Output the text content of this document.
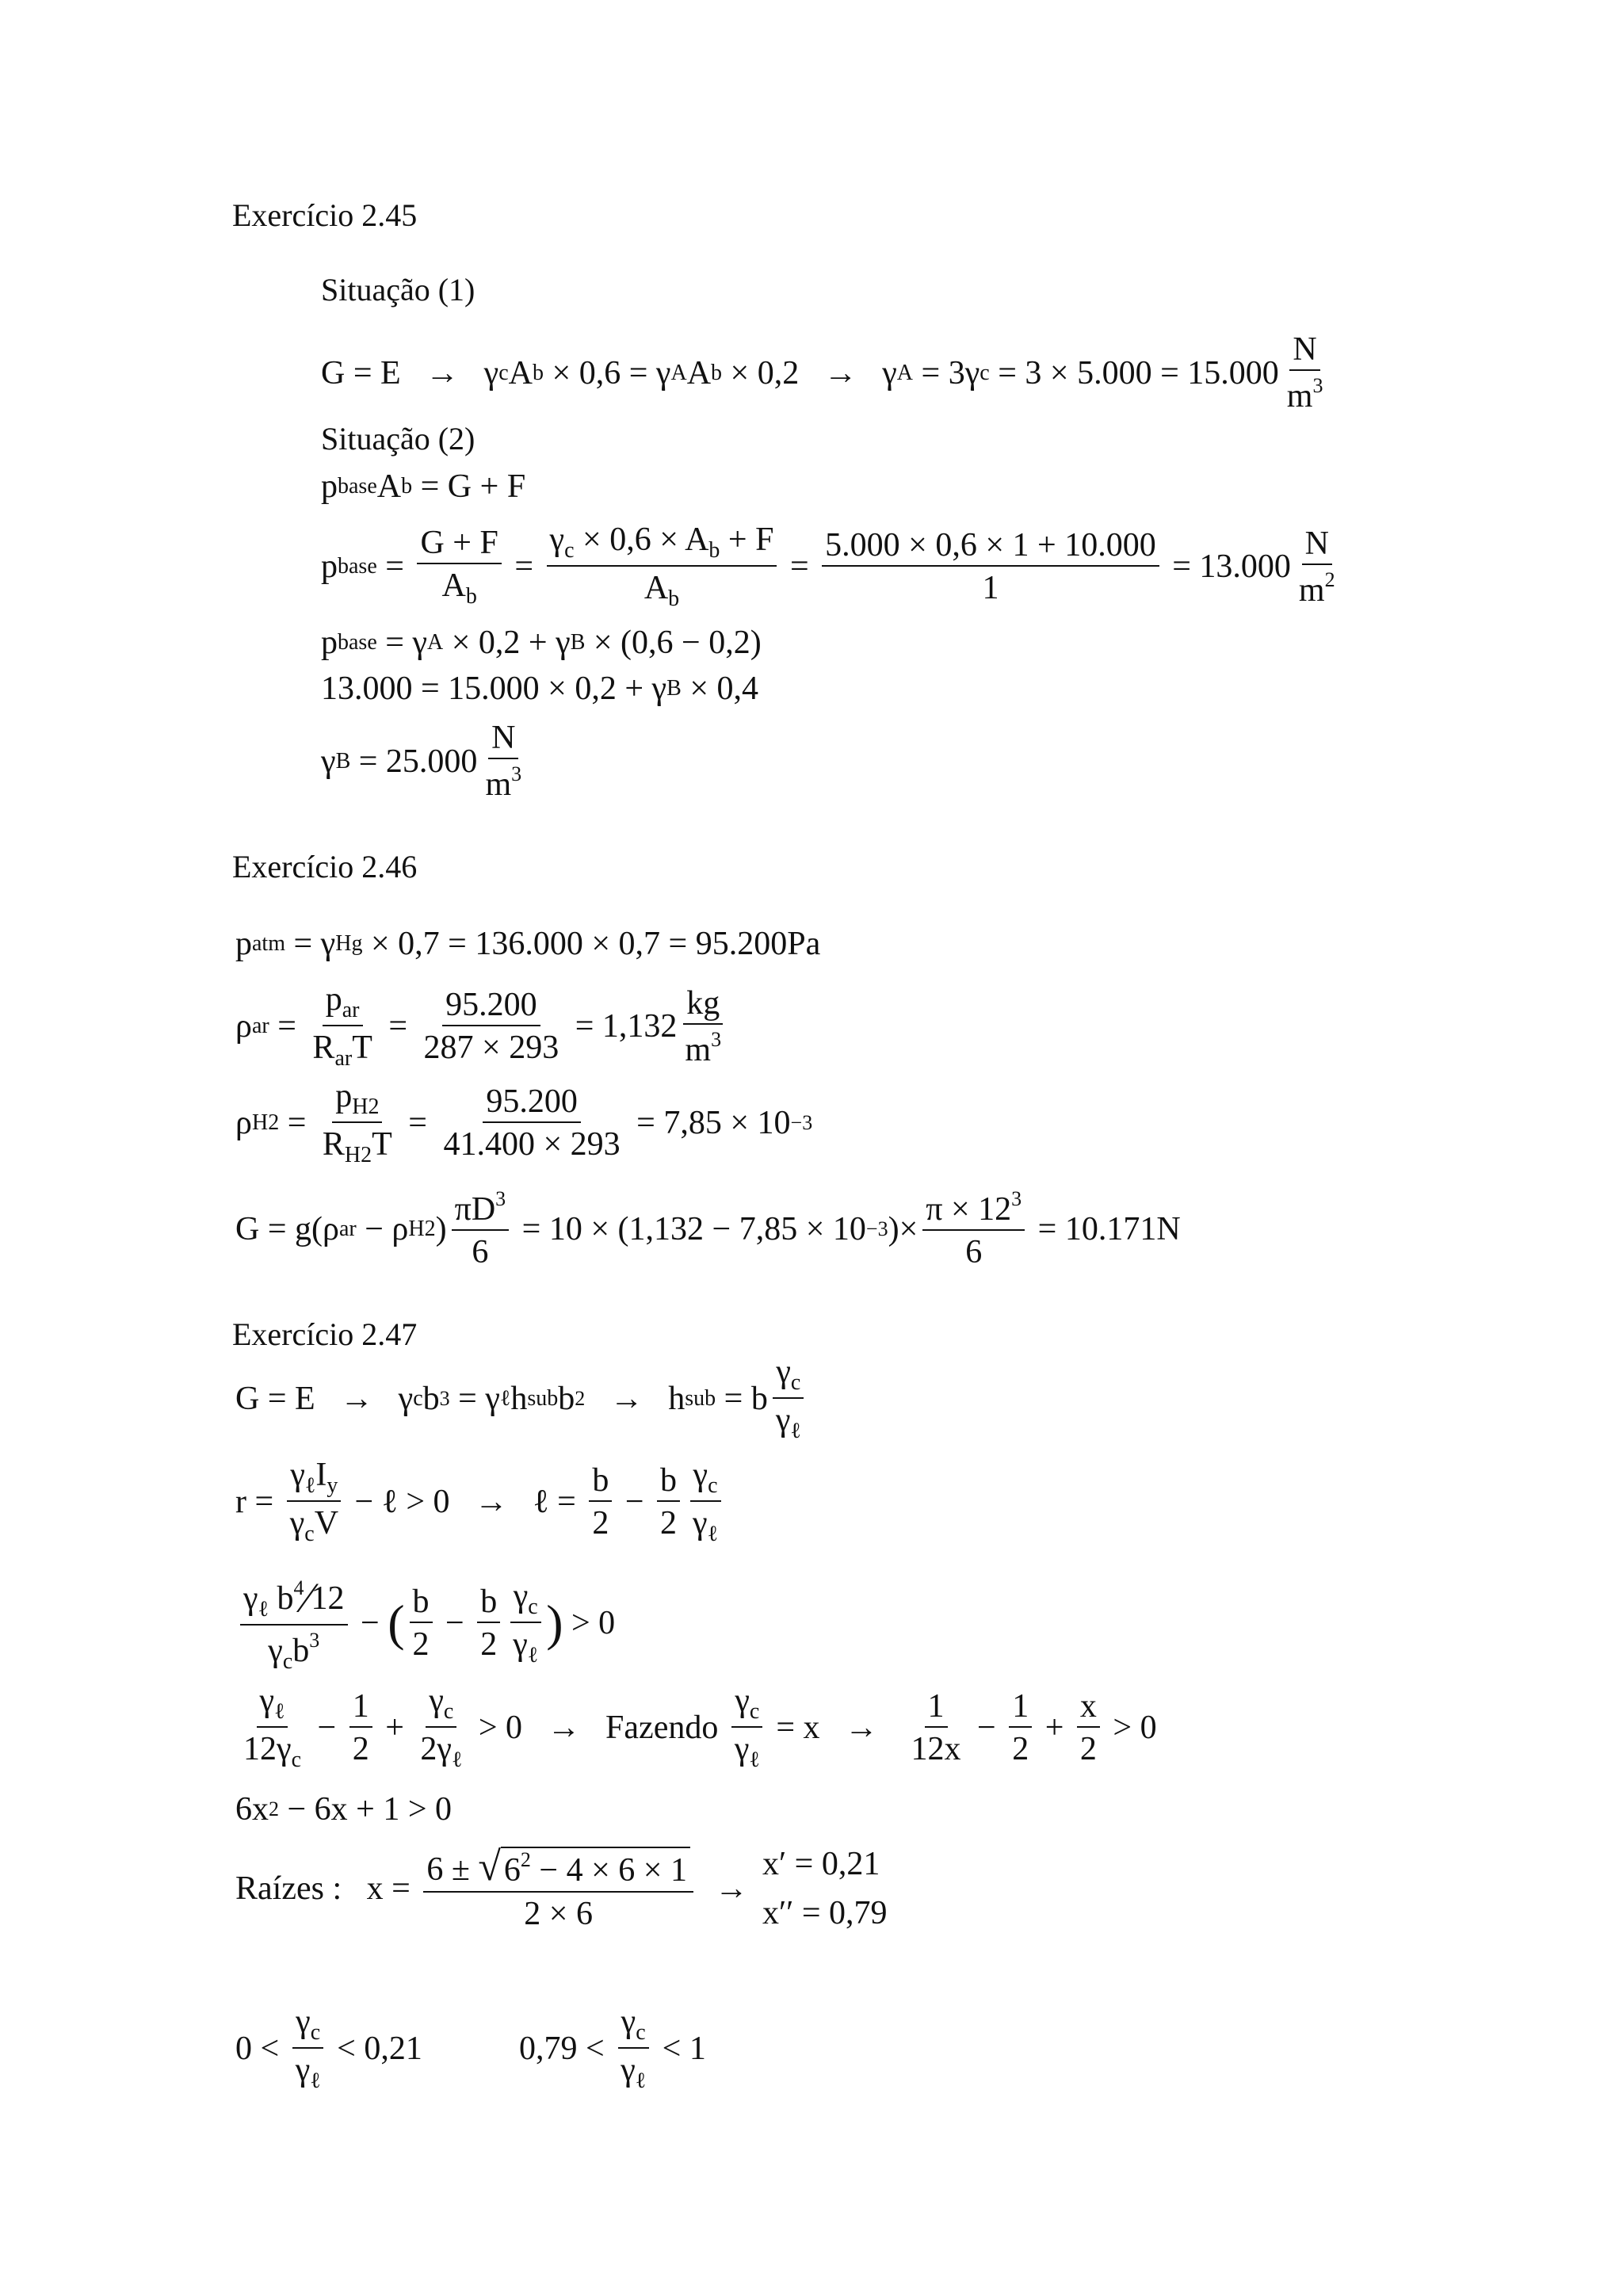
Exercício 2.45
Situação (1)
G = E   →   γ c A b × 0,6 = γ A A b × 0,2   →   γ A = 3γ c = 3 × 5.000 = 15.000
N
$m^3$
Situação (2)
p base A b = G + F
p base = $\frac{G + F}{A_b} = \frac{\gamma_c \times 0,6 \times A_b + F}{A_b} = \frac{5.000 \times 0,6 \times 1 + 10.000}{1} = 13.000$
N
$m^2$
p base = γ A × 0,2 + γ B × (0,6 − 0,2)
13.000 = 15.000 × 0,2 + γ B × 0,4
γ B = 25.000
N
$m^3$
Exercício 2.46
p atm = γ Hg × 0,7 = 136.000 × 0,7 = 95.200Pa
ρ ar =
$p_{ar}$
$R_{ar}T$
= $\frac{95.200}{287 \times 293} = 1,132$
kg
$m^3$
ρ $H2 = \frac{p_{H2}}{R_{H2}T} = \frac{95.200}{41.400 \times 293} = 7,85 \times 10 -3$
G = g(ρ ar − ρ H2 ) $\frac{\pi D^3}{6} = 10 \times (1,132 - 7,85 \times 10 -3$ )× $\frac{\pi \times 12^3}{6} = 10.171N$
Exercício 2.47
G = E   →   γ c b 3 = γ ℓ h sub b 2 →   h sub = b
$\gamma_c$
$\gamma_\ell$
r =
$\gamma_\ell I_y$
$\gamma_cV$
− ℓ > 0   →   ℓ = $\frac{b}{2} - \frac{b}{2} \gamma_c$
$\gamma_\ell$
$\gamma_\ell$ $b^4⁄12$
$\gamma_cb^3$ − ( b
2
− $\frac{b}{2} \gamma_c$
$\gamma_\ell$
) > 0
$\gamma_\ell$
$12\gamma_c$
− $\frac{1}{2}$ +
$\gamma_c$
$2\gamma_\ell$
> 0   →   Fazendo
$\gamma_c$
$\gamma_\ell$
= x   →
1
12x
− $\frac{1}{2} + \frac{x}{2} > 0$
6x 2 − 6x + 1 > 0
Raízes :   $x = \frac{6 \pm √ 6^2 - 4 \times 6 \times 1}{2 \times 6}$ →
x′ = 0,21
x′′ = 0,79
0 <
$\gamma_c$
$\gamma_\ell$
< 0,21	0,79 <
$\gamma_c$
$\gamma_\ell$
< 1
